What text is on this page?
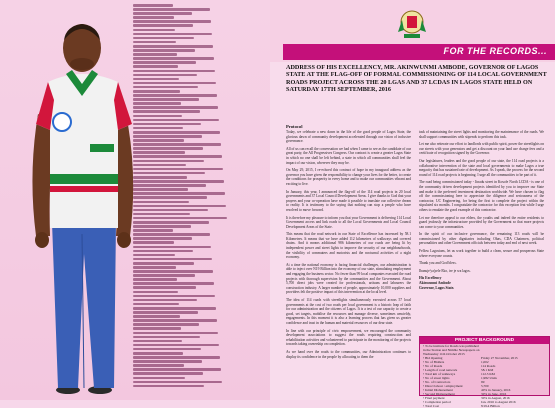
FOR THE RECORDS...
ADDRESS OF HIS EXCELLENCY, MR. AKINWUNMI AMBODE, GOVERNOR OF LAGOS STATE AT THE FLAG-OFF OF FORMAL COMMISSIONING OF 114 LOCAL GOVERNMENT ROADS PROJECT ACROSS THE 20 LGAS AND 37 LCDAS IN LAGOS STATE HELD ON SATURDAY 17TH SEPTEMBER, 2016
Protocol

Today, we celebrate a new dawn in the life of the good people of Lagos State, the glorious dawn of community development accelerated through our vision of inclusive governance.

All of us can recall the conversation we had when I came to see as the candidate of our great party, the All Progressives Congress. Our contract is create a greater Lagos State in which no one shall be left behind, a state in which all communities shall feel the impact of our vision, wherever they may be.

On May 29, 2015, I re-echoed this contract of hope in my inaugural address as the governor you have given the responsibility to change your lives for the better, to create the conditions for prosperity in every home and to make our communities vibrant and exciting to live.

In January, this year, I announced the flag-off of the 114 road projects in 20 local governments and 37 Local Council Development Areas. I give thanks to God that your prayers and your co-operation have made it possible to translate our collective dream to reality. It is testimony to the saying that nothing can stop a people who have resolved to move forward.

It is therefore my pleasure to inform you that your Government is delivering 114 Local Government access and link roads to all the Local Governments and Local Council Development Areas of the State.

This means that the road network in our State of Excellence has increased by 58.1 Kilometres. It means that we have added 112 kilometres of walkways and covered drains. And it means additional 986 kilometres of our roads are being lit by independent power and street lights to improve the security of our neighbourhoods, the visibility of commuters and motorists and the nocturnal activities of a night economy.

At a time the national economy is facing financial challenges, our administration is able to inject over N19 Billion into the economy of our state, stimulating employment and engaging the business sector. No fewer than 99 local companies executed the road projects with thorough supervision by the communities and the Government. About 5,700 direct jobs were created for professionals, artisans and labourers the construction industry. A larger number of people, approximately 10,000 suppliers and providers felt the positive impact of this intervention at the local level.

The idea of 114 roads with streetlights simultaneously executed across 57 local governments at the cost of two roads per local government is a historic leap of faith for our administration and the citizens of Lagos. It is a test of our capacity to create a good, set targets, mobilise the resources and manage diverse, sometimes unwieldy, engagements. In this moment it is also a learning process that has given us greater confidence and trust in the human and material resources of our dear state.

In line with our principle of civic empowerment, we encouraged the community development associations to suggest the roads requiring construction and rehabilitation activities and volunteered to participate in the monitoring of the projects towards taking ownership on completion.

As we hand over the roads to the communities, our Administration continues to display its confidence in the people by allocating to them the

task of maintaining the street lights and monitoring the maintenance of the roads. We shall support communities with stipends to perform this task.

Let me also reiterate our effort to landlords with public spirit, power the streetlights on our streets with your generators and get a discount on your land use charge fees and a certificate of recognition signed by the Governor.

Our legislatures, leaders and the good people of our state, the 114 road projects is a collaborative intervention of the state and local governments to make Lagos a true megacity that has sustained rate of development. As I speak, the process for the second round of 114 road projects is beginning. I urge all the communities to be part of it.

The road being commissioned today - Jinadu street in Kosofe North LCDA - is one of the community driven development projects identified by you to improve our State and make it the preferred investment destination worldwide. We have chosen to flag off the commissioning here to appreciate the diligence and seriousness of the contractor, UC Engineering, for being the first to complete the project within the stipulated six months. I congratulate the contractor for this exception feat while I urge others to emulate the good example of this contractor.

Let me therefore appeal to our elders, the youths and indeed the entire residents to guard jealously the infrastructure provided by the Government so that more projects can come to your communities.

In the spirit of our inclusive governance, the remaining 113 roads will be commissioned by other dignitaries including Obas, CDA Chairmen, political personalities and other Government officials between today and end of next week.

Fellow Lagosians, let us work together to build a clean, secure and prosperous State where everyone counts.

Thank you and God bless.

Ibanuje'ya'pele Eko, ire je wa lagos.

His Excellency
Akinwunmi Ambode
Governor, Lagos State.
PROJECT BACKGROUND
• To be institute for Roads was published in the Station and Nimble Newspapers on Wednesday 11th October 2015
• Bid Opening	Friday 27 November, 2015
• No of Bidders	1,002
• No of Roads	114 Roads
• Length of road network	58.1 KM
• Total km of walkways	112.3 KM
• No of street lights	1,982 Units
• No. of Contractors	99
• Direct labour / employment	5,700
• Initial Disbursement	40% in January, 2016
• Second Disbursement	30% in June, 2016
• Final payment	30% in August, 2016
• Completion period	Jan. 2016 to August 2016
• Total Cost	N19.4 Billion
